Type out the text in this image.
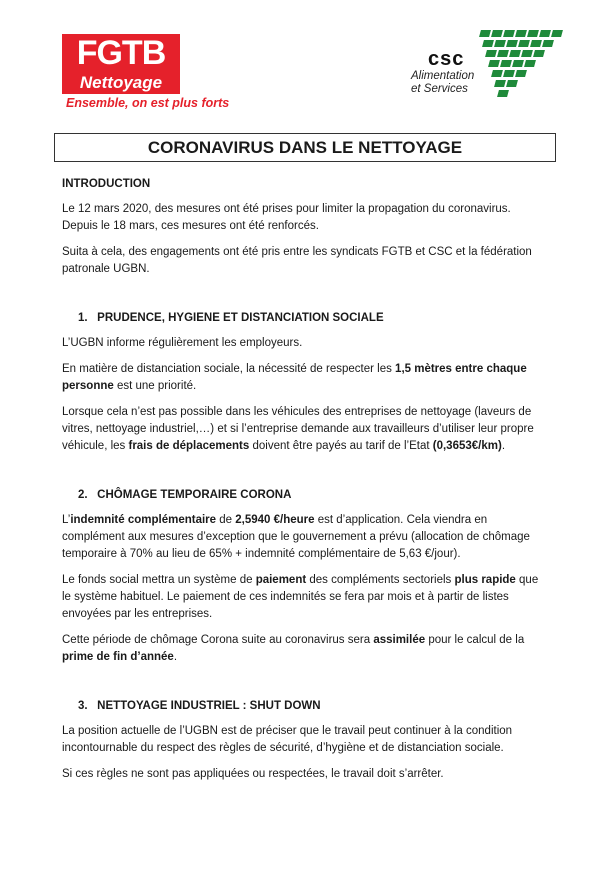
FGTB
Nettoyage
Ensemble, on est plus forts
csc
Alimentation
et Services
CORONAVIRUS DANS LE NETTOYAGE

INTRODUCTION

Le 12 mars 2020, des mesures ont été prises pour limiter la propagation du coronavirus.
Depuis le 18 mars, ces mesures ont été renforcés.

Suita à cela, des engagements ont été pris entre les syndicats FGTB et CSC et la fédération patronale UGBN.

1.   PRUDENCE, HYGIENE ET DISTANCIATION SOCIALE

L’UGBN informe régulièrement les employeurs.

En matière de distanciation sociale, la nécessité de respecter les 1,5 mètres entre chaque personne est une priorité.

Lorsque cela n’est pas possible dans les véhicules des entreprises de nettoyage (laveurs de vitres, nettoyage industriel,…) et si l’entreprise demande aux travailleurs d’utiliser leur propre véhicule, les frais de déplacements doivent être payés au tarif de l’Etat (0,3653€/km).

2.   CHÔMAGE TEMPORAIRE CORONA

L’indemnité complémentaire de 2,5940 €/heure est d’application. Cela viendra en complément aux mesures d’exception que le gouvernement a prévu (allocation de chômage temporaire à 70% au lieu de 65% + indemnité complémentaire de 5,63 €/jour).

Le fonds social mettra un système de paiement des compléments sectoriels plus rapide que le système habituel. Le paiement de ces indemnités se fera par mois et à partir de listes envoyées par les entreprises.

Cette période de chômage Corona suite au coronavirus sera assimilée pour le calcul de la prime de fin d’année.

3.   NETTOYAGE INDUSTRIEL : SHUT DOWN

La position actuelle de l’UGBN est de préciser que le travail peut continuer à la condition incontournable du respect des règles de sécurité, d’hygiène et de distanciation sociale.

Si ces règles ne sont pas appliquées ou respectées, le travail doit s’arrêter.
